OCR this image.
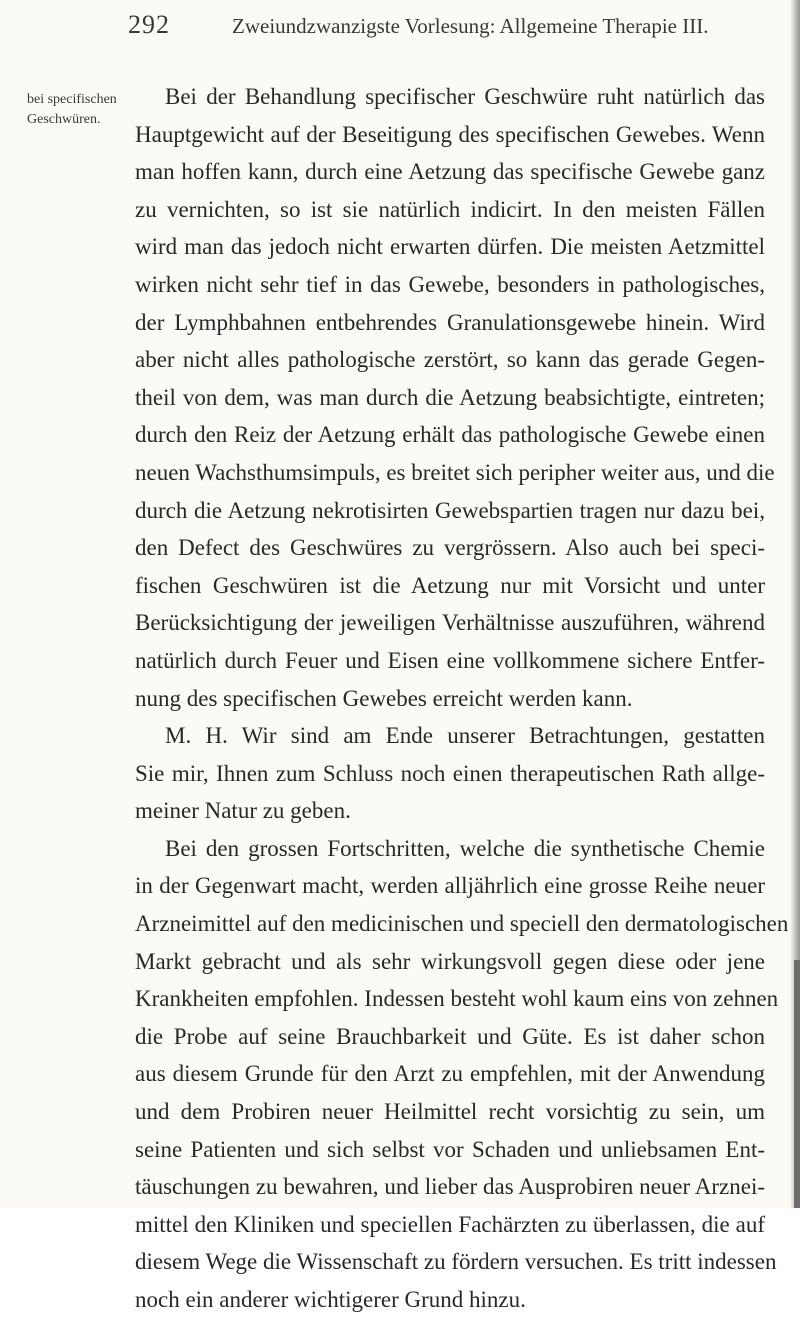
292	Zweiundzwanzigste Vorlesung: Allgemeine Therapie III.
bei specifischen
Geschwüren.
Bei der Behandlung specifischer Geschwüre ruht natürlich das
Hauptgewicht auf der Beseitigung des specifischen Gewebes. Wenn
man hoffen kann, durch eine Aetzung das specifische Gewebe ganz
zu vernichten, so ist sie natürlich indicirt. In den meisten Fällen
wird man das jedoch nicht erwarten dürfen. Die meisten Aetzmittel
wirken nicht sehr tief in das Gewebe, besonders in pathologisches,
der Lymphbahnen entbehrendes Granulationsgewebe hinein. Wird
aber nicht alles pathologische zerstört, so kann das gerade Gegen-
theil von dem, was man durch die Aetzung beabsichtigte, eintreten;
durch den Reiz der Aetzung erhält das pathologische Gewebe einen
neuen Wachsthumsimpuls, es breitet sich peripher weiter aus, und die
durch die Aetzung nekrotisirten Gewebspartien tragen nur dazu bei,
den Defect des Geschwüres zu vergrössern. Also auch bei speci-
fischen Geschwüren ist die Aetzung nur mit Vorsicht und unter
Berücksichtigung der jeweiligen Verhältnisse auszuführen, während
natürlich durch Feuer und Eisen eine vollkommene sichere Entfer-
nung des specifischen Gewebes erreicht werden kann.
M. H. Wir sind am Ende unserer Betrachtungen, gestatten
Sie mir, Ihnen zum Schluss noch einen therapeutischen Rath allge-
meiner Natur zu geben.
Bei den grossen Fortschritten, welche die synthetische Chemie
in der Gegenwart macht, werden alljährlich eine grosse Reihe neuer
Arzneimittel auf den medicinischen und speciell den dermatologischen
Markt gebracht und als sehr wirkungsvoll gegen diese oder jene
Krankheiten empfohlen. Indessen besteht wohl kaum eins von zehnen
die Probe auf seine Brauchbarkeit und Güte. Es ist daher schon
aus diesem Grunde für den Arzt zu empfehlen, mit der Anwendung
und dem Probiren neuer Heilmittel recht vorsichtig zu sein, um
seine Patienten und sich selbst vor Schaden und unliebsamen Ent-
täuschungen zu bewahren, und lieber das Ausprobiren neuer Arznei-
mittel den Kliniken und speciellen Fachärzten zu überlassen, die auf
diesem Wege die Wissenschaft zu fördern versuchen. Es tritt indessen
noch ein anderer wichtigerer Grund hinzu.
